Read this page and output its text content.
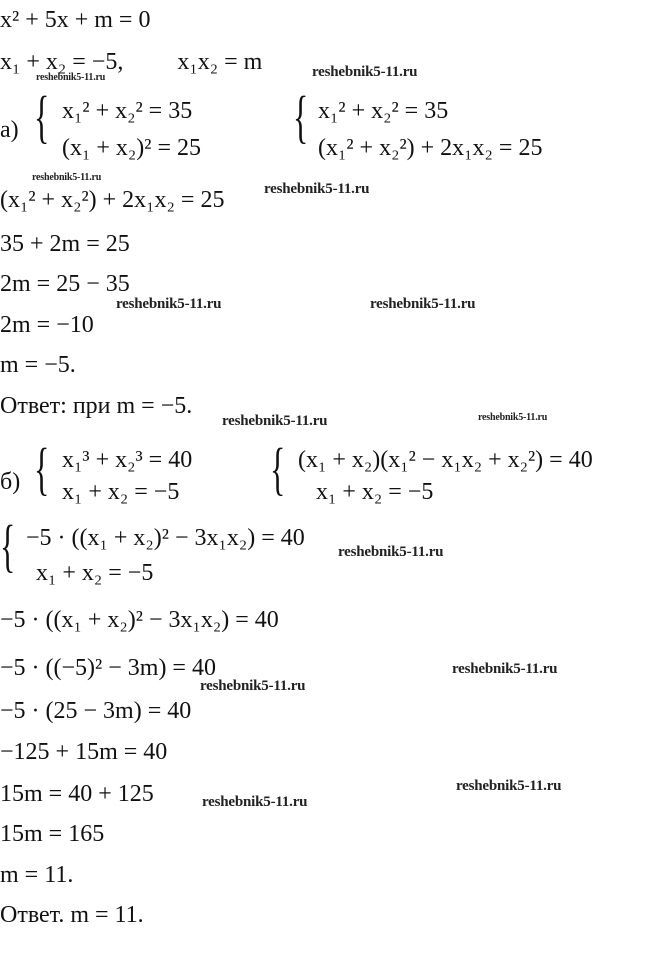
x² + 5x + m = 0
x₁ + x₂ = −5,         x₁x₂ = m
а) { x₁² + x₂² = 35
(x₁ + x₂)² = 25 { x₁² + x₂² = 35
(x₁² + x₂²) + 2x₁x₂ = 25
(x₁² + x₂²) + 2x₁x₂ = 25
35 + 2m = 25
2m = 25 − 35
2m = −10
m = −5.
Ответ: при m = −5.
б) { x₁³ + x₂³ = 40
x₁ + x₂ = −5 { (x₁ + x₂)(x₁² − x₁x₂ + x₂²) = 40
x₁ + x₂ = −5
{ −5 · ((x₁ + x₂)² − 3x₁x₂) = 40
x₁ + x₂ = −5
−5 · ((x₁ + x₂)² − 3x₁x₂) = 40
−5 · ((−5)² − 3m) = 40
−5 · (25 − 3m) = 40
−125 + 15m = 40
15m = 40 + 125
15m = 165
m = 11.
Ответ. m = 11.
reshebnik5-11.ru	reshebnik5-11.ru
reshebnik5-11.ru
reshebnik5-11.ru
reshebnik5-11.ru	reshebnik5-11.ru
reshebnik5-11.ru	reshebnik5-11.ru
reshebnik5-11.ru
reshebnik5-11.ru
reshebnik5-11.ru
reshebnik5-11.ru
reshebnik5-11.ru
